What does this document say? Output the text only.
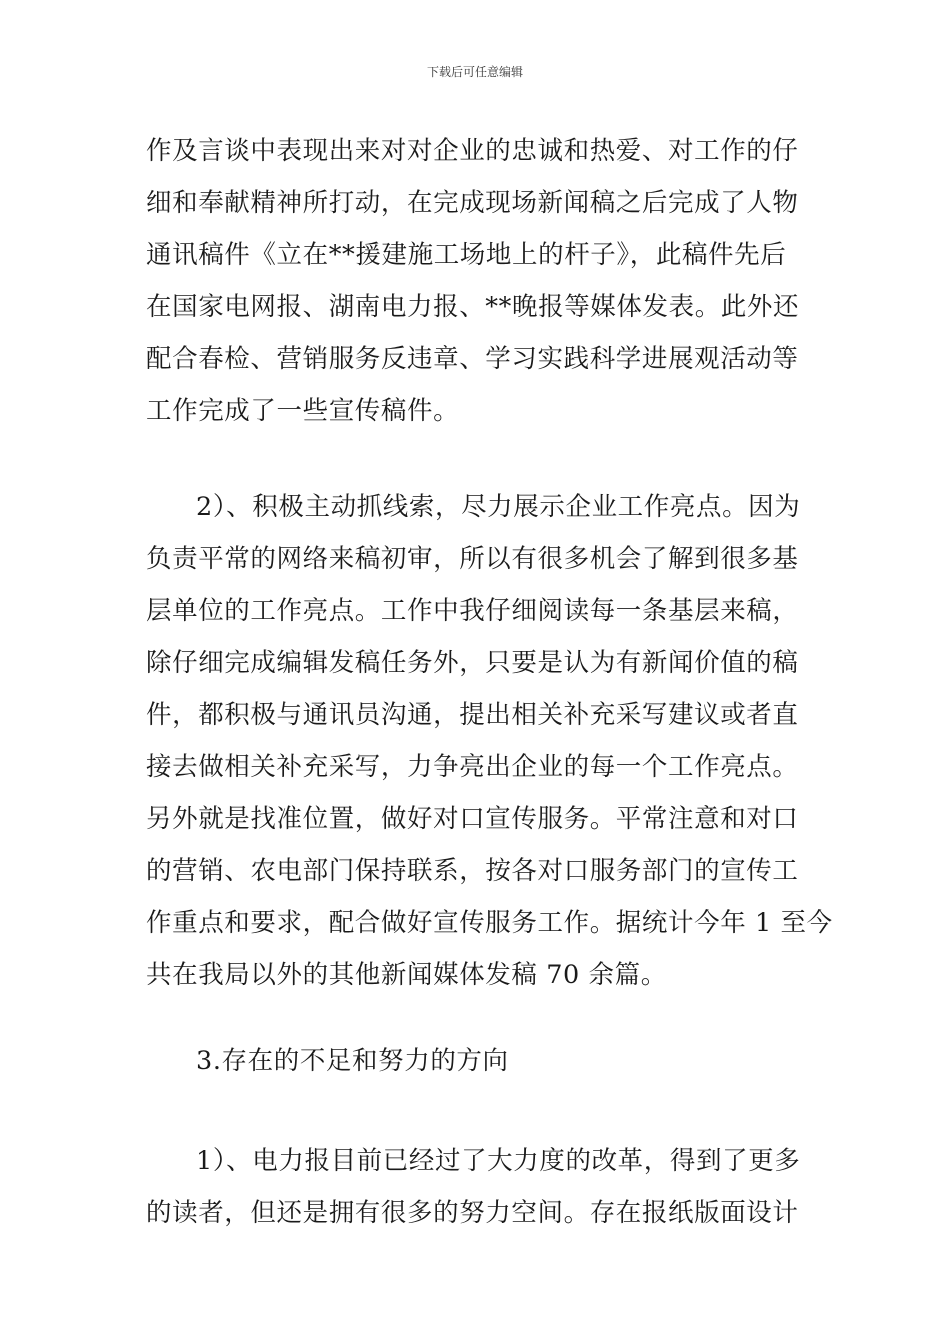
下载后可任意编辑
作及言谈中表现出来对对企业的忠诚和热爱、对工作的仔
细和奉献精神所打动，在完成现场新闻稿之后完成了人物
通讯稿件《立在**援建施工场地上的杆子》，此稿件先后
在国家电网报、湖南电力报、**晚报等媒体发表。此外还
配合春检、营销服务反违章、学习实践科学进展观活动等
工作完成了一些宣传稿件。
2）、积极主动抓线索，尽力展示企业工作亮点。因为
负责平常的网络来稿初审，所以有很多机会了解到很多基
层单位的工作亮点。工作中我仔细阅读每一条基层来稿，
除仔细完成编辑发稿任务外，只要是认为有新闻价值的稿
件，都积极与通讯员沟通，提出相关补充采写建议或者直
接去做相关补充采写，力争亮出企业的每一个工作亮点。
另外就是找准位置，做好对口宣传服务。平常注意和对口
的营销、农电部门保持联系，按各对口服务部门的宣传工
作重点和要求，配合做好宣传服务工作。据统计今年 1 至今
共在我局以外的其他新闻媒体发稿 70 余篇。
3.存在的不足和努力的方向
1）、电力报目前已经过了大力度的改革，得到了更多
的读者，但还是拥有很多的努力空间。存在报纸版面设计
